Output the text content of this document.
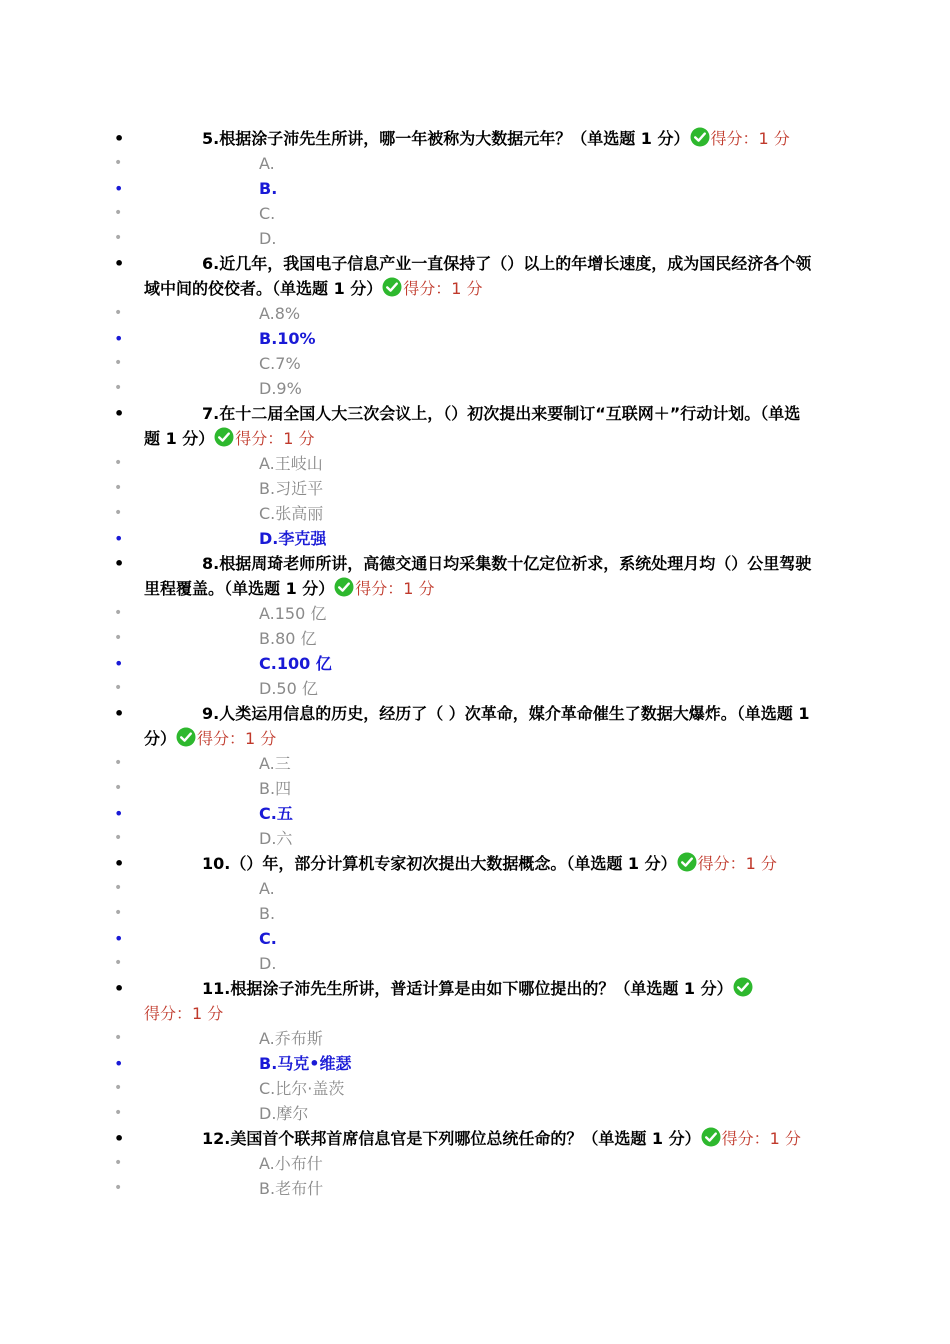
•	5.根据涂子沛先生所讲，哪一年被称为大数据元年？（单选题 1 分） 得分：1 分
•	A.
•	B.
•	C.
•	D.
•	6.近几年，我国电子信息产业一直保持了（）以上的年增长速度，成为国民经济各个领域中间的佼佼者。（单选题 1 分） 得分：1 分
•	A.8%
•	B.10%
•	C.7%
•	D.9%
•	7.在十二届全国人大三次会议上，（）初次提出来要制订“互联网＋”行动计划。（单选题 1 分） 得分：1 分
•	A.王岐山
•	B.习近平
•	C.张高丽
•	D.李克强
•	8.根据周琦老师所讲，高德交通日均采集数十亿定位祈求，系统处理月均（）公里驾驶里程覆盖。（单选题 1 分） 得分：1 分
•	A.150 亿
•	B.80 亿
•	C.100 亿
•	D.50 亿
•	9.人类运用信息的历史，经历了（ ）次革命，媒介革命催生了数据大爆炸。（单选题 1 分） 得分：1 分
•	A.三
•	B.四
•	C.五
•	D.六
•	10.（）年，部分计算机专家初次提出大数据概念。（单选题 1 分） 得分：1 分
•	A.
•	B.
•	C.
•	D.
•	11.根据涂子沛先生所讲，普适计算是由如下哪位提出的？（单选题 1 分）得分：1 分
•	A.乔布斯
•	B.马克•维瑟
•	C.比尔·盖茨
•	D.摩尔
•	12.美国首个联邦首席信息官是下列哪位总统任命的？（单选题 1 分） 得分：1 分
•	A.小布什
•	B.老布什
